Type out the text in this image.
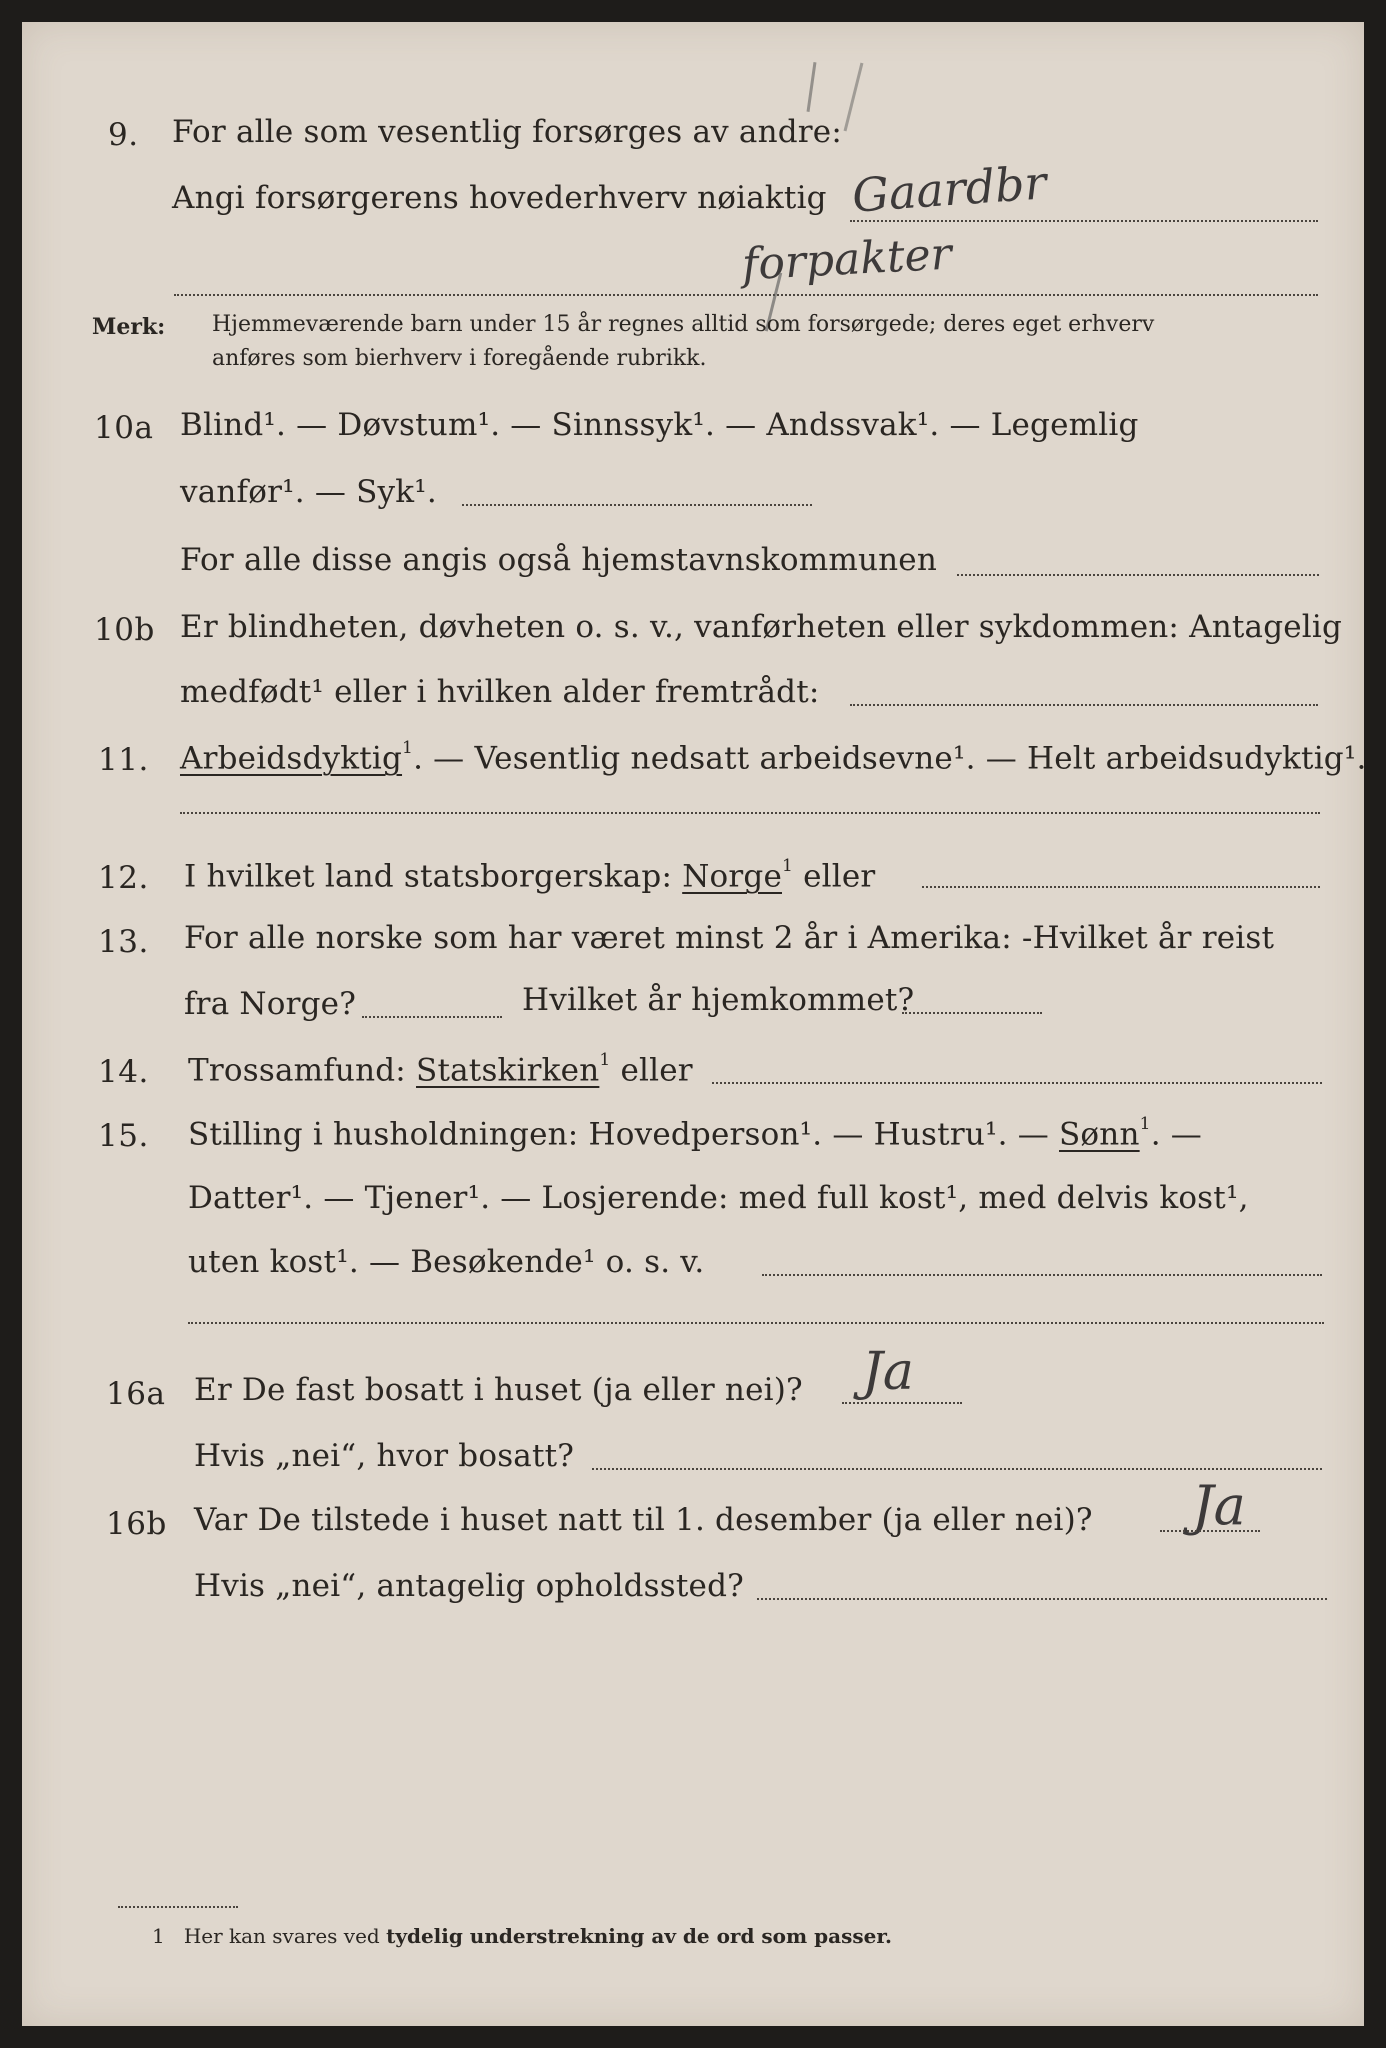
9. For alle som vesentlig forsørges av andre:
Angi forsørgerens hovederhverv nøiaktig Gaardbr
forpakter
Merk: Hjemmeværende barn under 15 år regnes alltid som forsørgede; deres eget erhverv
anføres som bierhverv i foregående rubrikk.
10a Blind¹. — Døvstum¹. — Sinnssyk¹. — Andssvak¹. — Legemlig
vanfør¹. — Syk¹.
For alle disse angis også hjemstavnskommunen
10b Er blindheten, døvheten o. s. v., vanførheten eller sykdommen: Antagelig
medfødt¹ eller i hvilken alder fremtrådt:
11. Arbeidsdyktig$^1$. — Vesentlig nedsatt arbeidsevne¹. — Helt arbeidsudyktig¹.
12. I hvilket land statsborgerskap: Norge$^1$ eller
13. For alle norske som har været minst 2 år i Amerika: -Hvilket år reist
fra Norge?	Hvilket år hjemkommet?
14. Trossamfund: Statskirken$^1$ eller
15. Stilling i husholdningen: Hovedperson¹. — Hustru¹. — Sønn$^1$. —
Datter¹. — Tjener¹. — Losjerende: med full kost¹, med delvis kost¹,
uten kost¹. — Besøkende¹ o. s. v.
16a Er De fast bosatt i huset (ja eller nei)? Ja
Hvis „nei“, hvor bosatt?
16b Var De tilstede i huset natt til 1. desember (ja eller nei)? Ja
Hvis „nei“, antagelig opholdssted?
1 Her kan svares ved tydelig understrekning av de ord som passer.
